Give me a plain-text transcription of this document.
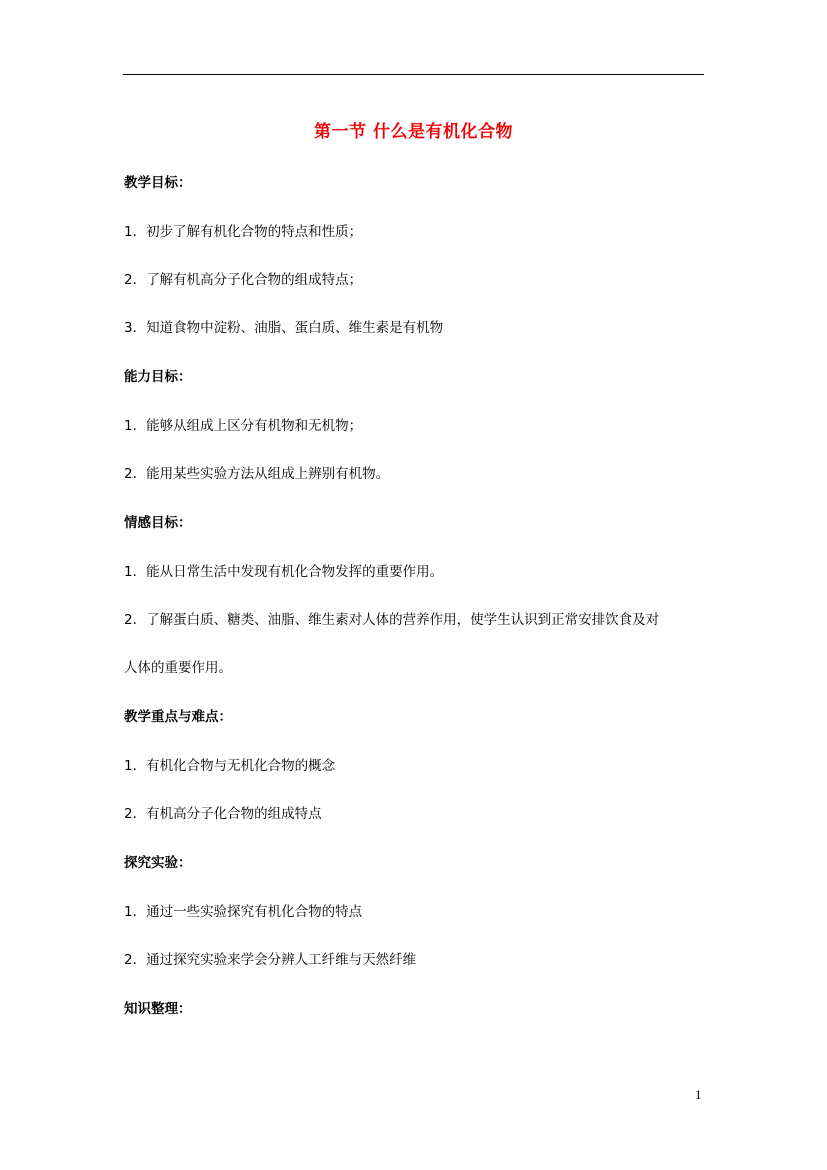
第一节 什么是有机化合物
教学目标：
1．初步了解有机化合物的特点和性质；
2．了解有机高分子化合物的组成特点；
3．知道食物中淀粉、油脂、蛋白质、维生素是有机物
能力目标：
1．能够从组成上区分有机物和无机物；
2．能用某些实验方法从组成上辨别有机物。
情感目标：
1．能从日常生活中发现有机化合物发挥的重要作用。
2．了解蛋白质、糖类、油脂、维生素对人体的营养作用，使学生认识到正常安排饮食及对
人体的重要作用。
教学重点与难点：
1．有机化合物与无机化合物的概念
2．有机高分子化合物的组成特点
探究实验：
1．通过一些实验探究有机化合物的特点
2．通过探究实验来学会分辨人工纤维与天然纤维
知识整理：
1
